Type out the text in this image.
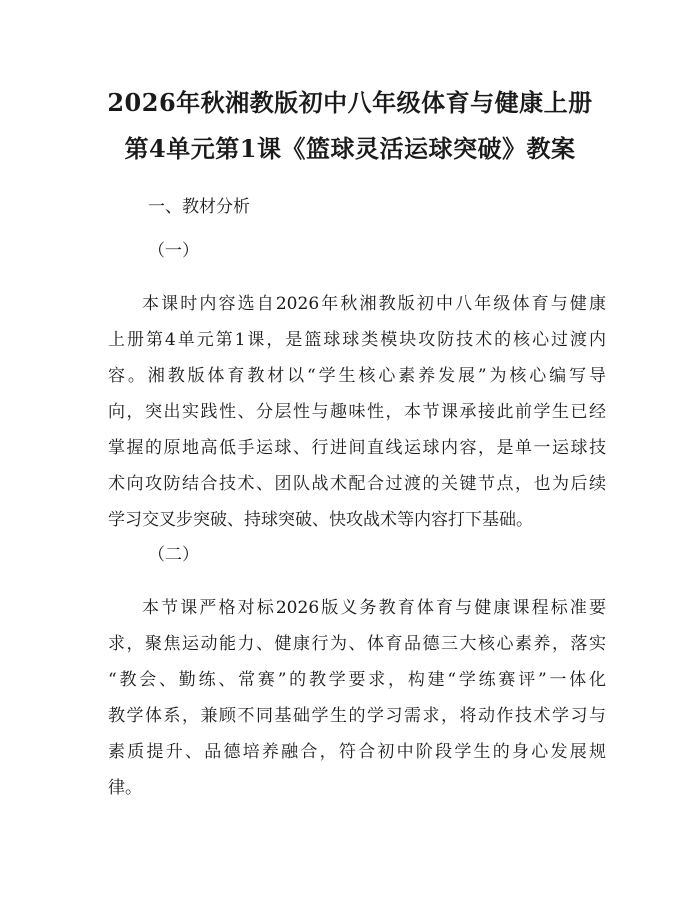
2026年秋湘教版初中八年级体育与健康上册
第4单元第1课《篮球灵活运球突破》教案
一、教材分析
（一）
本课时内容选自2026年秋湘教版初中八年级体育与健康
上册第4单元第1课，是篮球球类模块攻防技术的核心过渡内
容。湘教版体育教材以“学生核心素养发展”为核心编写导
向，突出实践性、分层性与趣味性，本节课承接此前学生已经
掌握的原地高低手运球、行进间直线运球内容，是单一运球技
术向攻防结合技术、团队战术配合过渡的关键节点，也为后续
学习交叉步突破、持球突破、快攻战术等内容打下基础。
（二）
本节课严格对标2026版义务教育体育与健康课程标准要
求，聚焦运动能力、健康行为、体育品德三大核心素养，落实
“教会、勤练、常赛”的教学要求，构建“学练赛评”一体化
教学体系，兼顾不同基础学生的学习需求，将动作技术学习与
素质提升、品德培养融合，符合初中阶段学生的身心发展规
律。
